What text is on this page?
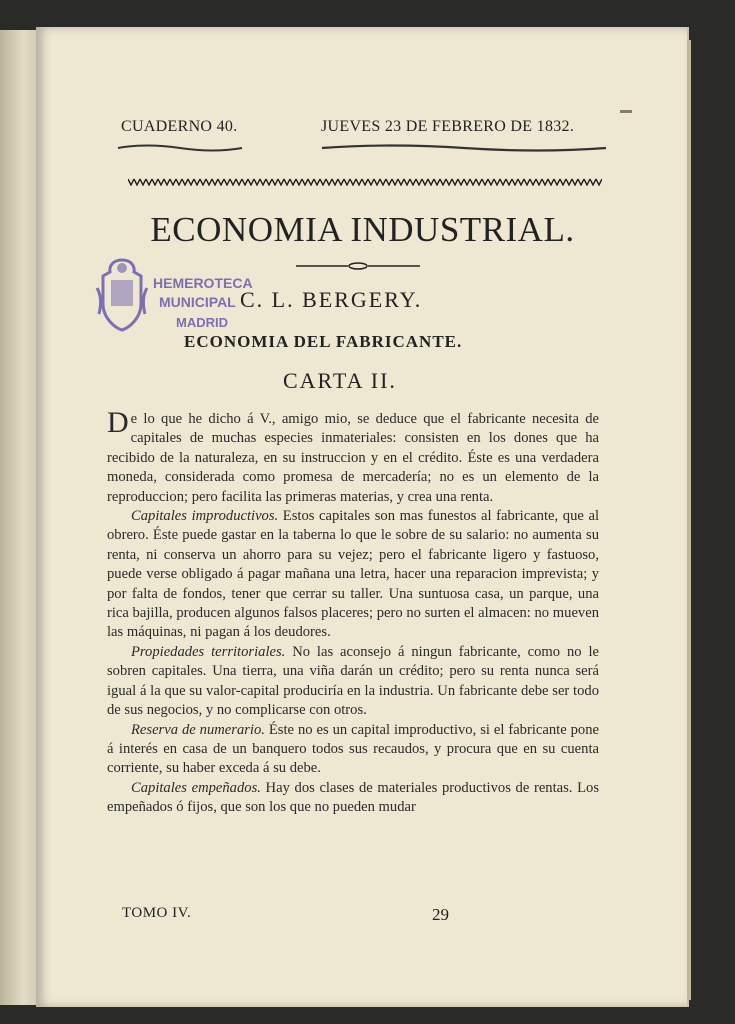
CUADERNO 40.	JUEVES 23 DE FEBRERO DE 1832.

ECONOMIA INDUSTRIAL.
HEMEROTECA
MUNICIPAL
MADRID
C. L. BERGERY.
ECONOMIA DEL FABRICANTE.
CARTA II.

De lo que he dicho á V., amigo mio, se deduce que el fabricante necesita de capitales de muchas especies inmateriales: consisten en los dones que ha recibido de la naturaleza, en su instruccion y en el crédito. Éste es una verdadera moneda, considerada como promesa de mercadería; no es un elemento de la reproduccion; pero facilita las primeras materias, y crea una renta.

Capitales improductivos. Estos capitales son mas funestos al fabricante, que al obrero. Éste puede gastar en la taberna lo que le sobre de su salario: no aumenta su renta, ni conserva un ahorro para su vejez; pero el fabricante ligero y fastuoso, puede verse obligado á pagar mañana una letra, hacer una reparacion imprevista; y por falta de fondos, tener que cerrar su taller. Una suntuosa casa, un parque, una rica bajilla, producen algunos falsos placeres; pero no surten el almacen: no mueven las máquinas, ni pagan á los deudores.

Propiedades territoriales. No las aconsejo á ningun fabricante, como no le sobren capitales. Una tierra, una viña darán un crédito; pero su renta nunca será igual á la que su valor-capital produciría en la industria. Un fabricante debe ser todo de sus negocios, y no complicarse con otros.

Reserva de numerario. Éste no es un capital improductivo, si el fabricante pone á interés en casa de un banquero todos sus recaudos, y procura que en su cuenta corriente, su haber exceda á su debe.

Capitales empeñados. Hay dos clases de materiales productivos de rentas. Los empeñados ó fijos, que son los que no pueden mudar

TOMO IV.	29
